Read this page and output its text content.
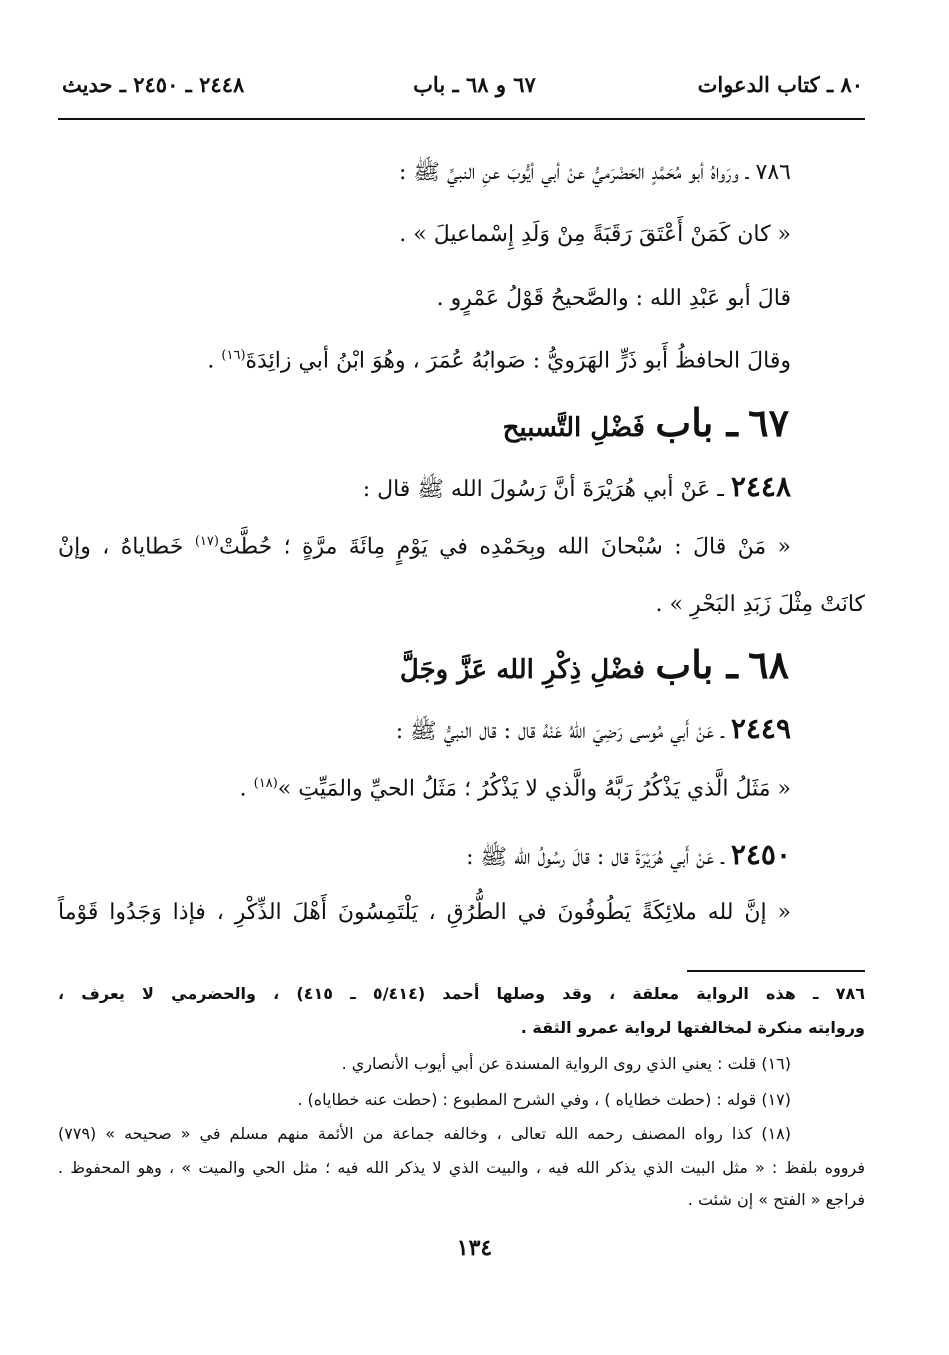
٨٠ ـ كتاب الدعوات
٦٧ و ٦٨ ـ باب
٢٤٤٨ ـ ٢٤٥٠ ـ حديث
٧٨٦ ـ ورَواهُ أبو مُحَمَّدٍ الحَضْرَميُّ عنْ أبي أيُّوبَ عنِ النبيِّ ﷺ :
« كان كَمَنْ أَعْتَقَ رَقَبَةً مِنْ وَلَدِ إِسْماعيلَ » .
قالَ أبو عَبْدِ الله : والصَّحيحُ قَوْلُ عَمْرٍو .
وقالَ الحافظُ أَبو ذَرٍّ الهَرَويُّ : صَوابُهُ عُمَرَ ، وهُوَ ابْنُ أبي زائِدَةَ$^{(١٦)}$ .
٦٧ ـ باب فَضْلِ التَّسبيح
٢٤٤٨ ـ عَنْ أبي هُرَيْرَةَ أنَّ رَسُولَ الله ﷺ قال :
« مَنْ قالَ : سُبْحانَ الله وبِحَمْدِه في يَوْمٍ مِائَةَ مرَّةٍ ؛ حُطَّتْ$^{(١٧)}$ خَطاياهُ ، وإنْ
كانَتْ مِثْلَ زَبَدِ البَحْرِ » .
٦٨ ـ باب فضْلِ ذِكْرِ الله عَزَّ وجَلَّ
٢٤٤٩ ـ عَنْ أَبي مُوسى رَضِيَ اللهُ عَنْهُ قال : قال النبيُّ ﷺ :
« مَثَلُ الَّذي يَذْكُرُ رَبَّهُ والَّذي لا يَذْكُرُ ؛ مَثَلُ الحيِّ والمَيِّتِ »$^{(١٨)}$ .
٢٤٥٠ ـ عَنْ أَبي هُرَيْرَةَ قال : قالَ رسُولُ الله ﷺ :
« إنَّ لله ملائِكَةً يَطُوفُونَ في الطُّرُقِ ، يَلْتَمِسُونَ أَهْلَ الذِّكْرِ ، فإذا وَجَدُوا قَوْماً
٧٨٦ ـ هذه الرواية معلقة ، وقد وصلها أحمد (٥/٤١٤ ـ ٤١٥) ، والحضرمي لا يعرف ،
وروايته منكرة لمخالفتها لرواية عمرو الثقة .
(١٦) قلت : يعني الذي روى الرواية المسندة عن أبي أيوب الأنصاري .
(١٧) قوله : (حطت خطاياه ) ، وفي الشرح المطبوع : (حطت عنه خطاياه) .
(١٨) كذا رواه المصنف رحمه الله تعالى ، وخالفه جماعة من الأئمة منهم مسلم في « صحيحه » (٧٧٩)
فرووه بلفظ : « مثل البيت الذي يذكر الله فيه ، والبيت الذي لا يذكر الله فيه ؛ مثل الحي والميت » ، وهو المحفوظ .
فراجع « الفتح » إن شئت .
١٣٤
